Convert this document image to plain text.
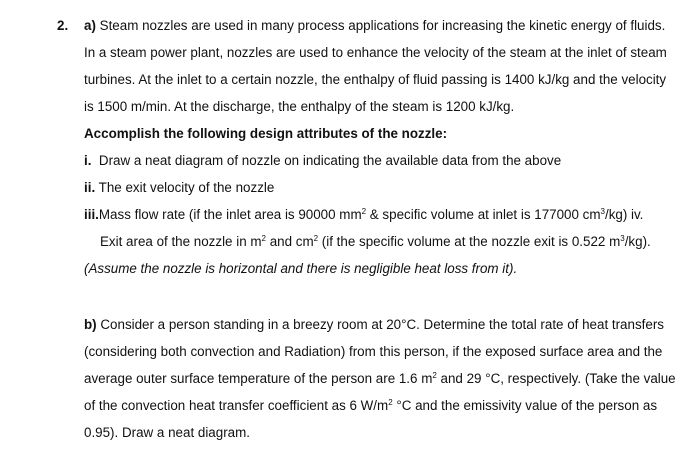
2. a) Steam nozzles are used in many process applications for increasing the kinetic energy of fluids.
In a steam power plant, nozzles are used to enhance the velocity of the steam at the inlet of steam
turbines. At the inlet to a certain nozzle, the enthalpy of fluid passing is 1400 kJ/kg and the velocity
is 1500 m/min. At the discharge, the enthalpy of the steam is 1200 kJ/kg.
Accomplish the following design attributes of the nozzle:
i. Draw a neat diagram of nozzle on indicating the available data from the above
ii. The exit velocity of the nozzle
iii.Mass flow rate (if the inlet area is 90000 $mm^2$ & specific volume at inlet is 177000 $cm^3/kg$) iv.
Exit area of the nozzle in $m^2$ and $cm^2$ (if the specific volume at the nozzle exit is 0.522 $m^3/kg$).
(Assume the nozzle is horizontal and there is negligible heat loss from it).
b) Consider a person standing in a breezy room at 20°C. Determine the total rate of heat transfers
(considering both convection and Radiation) from this person, if the exposed surface area and the
average outer surface temperature of the person are 1.6 $m^2$ and 29 °C, respectively. (Take the value
of the convection heat transfer coefficient as 6 $W/m^2$ °C and the emissivity value of the person as
0.95). Draw a neat diagram.
